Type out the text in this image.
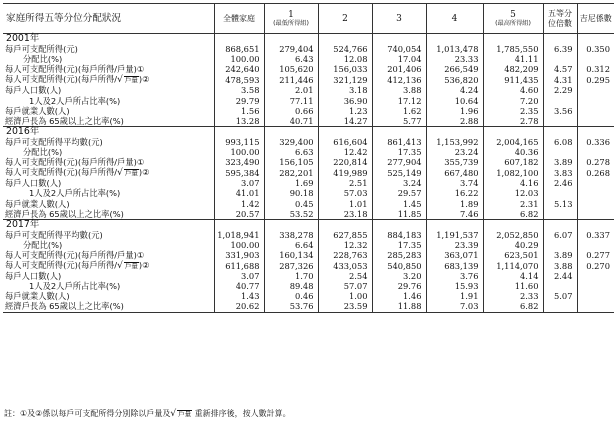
家庭所得五等分位分配狀況	全體家庭	1
(最低所得組)	2	3	4	5
(最高所得組)	五等分位倍數	吉尼係數
2001年								
每戶可支配所得(元)	868,651	279,404	524,766	740,054	1,013,478	1,785,550	6.39	0.350
分配比(%)	100.00	6.43	12.08	17.04	23.33	41.11		
每人可支配所得(元)(每戶所得/戶量)①	242,640	105,620	156,033	201,406	266,549	482,209	4.57	0.312
每人可支配所得(元)(每戶所得/√ 戶量)②	478,593	211,446	321,129	412,136	536,820	911,435	4.31	0.295
每戶人口數(人)	3.58	2.01	3.18	3.88	4.24	4.60	2.29	
1人及2人戶所占比率(%)	29.79	77.11	36.90	17.12	10.64	7.20		
每戶就業人數(人)	1.56	0.66	1.23	1.62	1.96	2.35	3.56	
經濟戶長為 65歲以上之比率(%)	13.28	40.71	14.27	5.77	2.88	2.78		
2016年								
每戶可支配所得平均數(元)	993,115	329,400	616,604	861,413	1,153,992	2,004,165	6.08	0.336
分配比(%)	100.00	6.63	12.42	17.35	23.24	40.36		
每人可支配所得(元)(每戶所得/戶量)①	323,490	156,105	220,814	277,904	355,739	607,182	3.89	0.278
每人可支配所得(元)(每戶所得/√ 戶量)②	595,384	282,201	419,989	525,149	667,480	1,082,100	3.83	0.268
每戶人口數(人)	3.07	1.69	2.51	3.24	3.74	4.16	2.46	
1人及2人戶所占比率(%)	41.01	90.18	57.03	29.57	16.22	12.03		
每戶就業人數(人)	1.42	0.45	1.01	1.45	1.89	2.31	5.13	
經濟戶長為 65歲以上之比率(%)	20.57	53.52	23.18	11.85	7.46	6.82		
2017年								
每戶可支配所得平均數(元)	1,018,941	338,278	627,855	884,183	1,191,537	2,052,850	6.07	0.337
分配比(%)	100.00	6.64	12.32	17.35	23.39	40.29		
每人可支配所得(元)(每戶所得/戶量)①	331,903	160,134	228,763	285,283	363,071	623,501	3.89	0.277
每人可支配所得(元)(每戶所得/√ 戶量)②	611,688	287,326	433,053	540,850	683,139	1,114,070	3.88	0.270
每戶人口數(人)	3.07	1.70	2.54	3.20	3.76	4.14	2.44	
1人及2人戶所占比率(%)	40.77	89.48	57.07	29.76	15.93	11.60		
每戶就業人數(人)	1.43	0.46	1.00	1.46	1.91	2.33	5.07	
經濟戶長為 65歲以上之比率(%)	20.62	53.76	23.59	11.88	7.03	6.82		
註：①及②係以每戶可支配所得分別除以戶量及√ 戶量 重新排序後，按人數計算。
